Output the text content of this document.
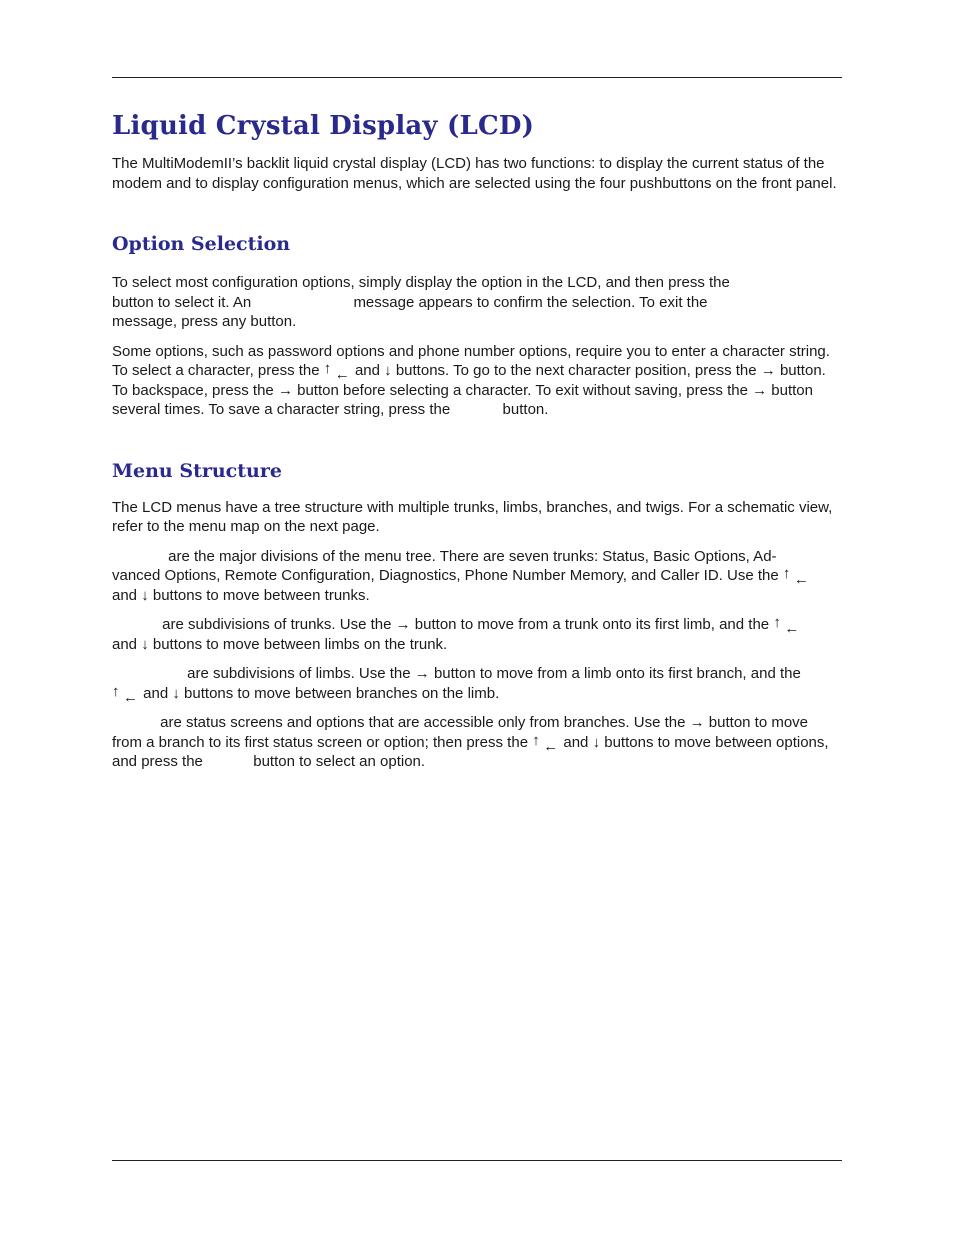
Liquid Crystal Display (LCD)

The MultiModemII’s backlit liquid crystal display (LCD) has two functions: to display the current status of the modem and to display configuration menus, which are selected using the four pushbuttons on the front panel.

Option Selection

To select most configuration options, simply display the option in the LCD, and then press the
button to select it. An	message appears to confirm the selection. To exit the
message, press any button.

Some options, such as password options and phone number options, require you to enter a character string. To select a character, press the ↑ ← and ↓ buttons. To go to the next character position, press the → button. To backspace, press the → button before selecting a character. To exit without saving, press the → button several times. To save a character string, press the	button.

Menu Structure

The LCD menus have a tree structure with multiple trunks, limbs, branches, and twigs. For a schematic view, refer to the menu map on the next page.

are the major divisions of the menu tree. There are seven trunks: Status, Basic Options, Ad-
vanced Options, Remote Configuration, Diagnostics, Phone Number Memory, and Caller ID. Use the ↑ ←

and ↓ buttons to move between trunks.

are subdivisions of trunks. Use the → button to move from a trunk onto its first limb, and the ↑ ←

and ↓ buttons to move between limbs on the trunk.

are subdivisions of limbs. Use the → button to move from a limb onto its first branch, and the

↑ ← and ↓ buttons to move between branches on the limb.

are status screens and options that are accessible only from branches. Use the → button to move from a branch to its first status screen or option; then press the ↑ ← and ↓ buttons to move between options, and press the	button to select an option.
